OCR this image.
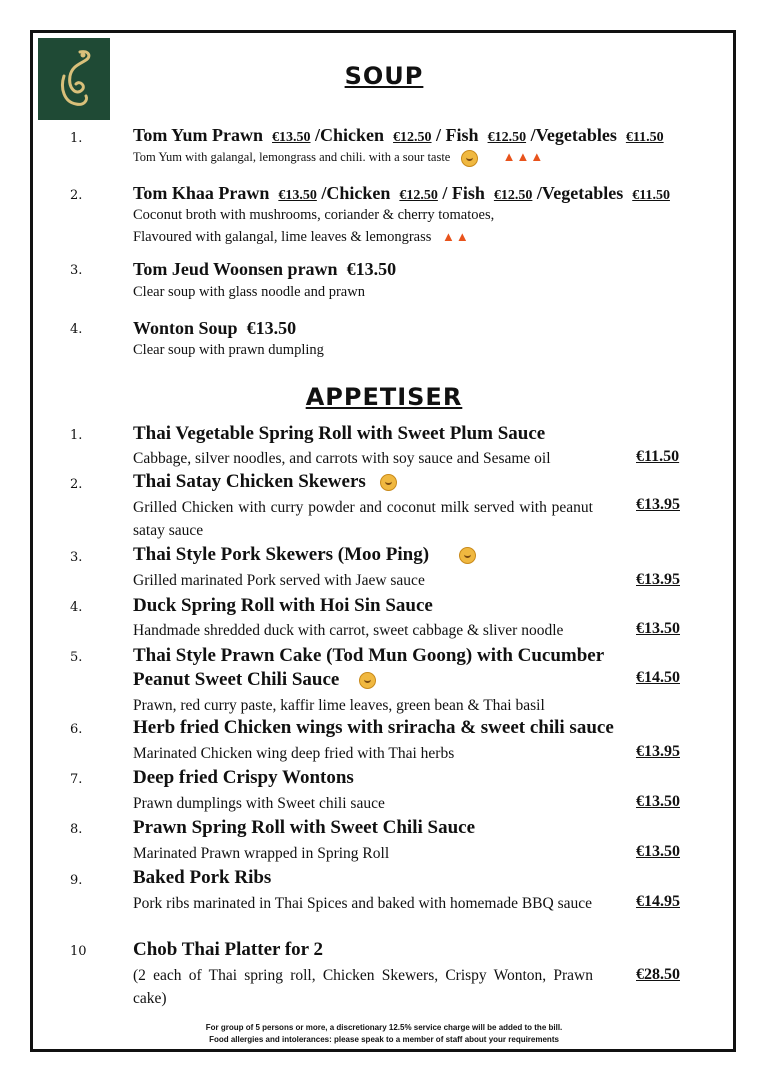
SOUP
1.	Tom Yum Prawn €13.50 /Chicken €12.50 / Fish €12.50 /Vegetables €11.50
Tom Yum with galangal, lemongrass and chili. with a sour taste	▲▲▲
2.	Tom Khaa Prawn €13.50 /Chicken €12.50 / Fish €12.50 /Vegetables €11.50
Coconut broth with mushrooms, coriander & cherry tomatoes,
Flavoured with galangal, lime leaves & lemongrass ▲▲
3.	Tom Jeud Woonsen prawn €13.50
Clear soup with glass noodle and prawn
4.	Wonton Soup €13.50
Clear soup with prawn dumpling
APPETISER
1.	Thai Vegetable Spring Roll with Sweet Plum Sauce
Cabbage, silver noodles, and carrots with soy sauce and Sesame oil	€11.50
2.	Thai Satay Chicken Skewers
Grilled Chicken with curry powder and coconut milk served with peanut satay sauce
€13.95
3.	Thai Style Pork Skewers (Moo Ping)
Grilled marinated Pork served with Jaew sauce	€13.95
4.	Duck Spring Roll with Hoi Sin Sauce
Handmade shredded duck with carrot, sweet cabbage & sliver noodle	€13.50
5.	Thai Style Prawn Cake (Tod Mun Goong) with Cucumber
Peanut Sweet Chili Sauce
Prawn, red curry paste, kaffir lime leaves, green bean & Thai basil
€14.50
6.	Herb fried Chicken wings with sriracha & sweet chili sauce
Marinated Chicken wing deep fried with Thai herbs	€13.95
7.	Deep fried Crispy Wontons
Prawn dumplings with Sweet chili sauce	€13.50
8.	Prawn Spring Roll with Sweet Chili Sauce
Marinated Prawn wrapped in Spring Roll	€13.50
9.	Baked Pork Ribs
Pork ribs marinated in Thai Spices and baked with homemade BBQ sauce	€14.95
10 Chob Thai Platter for 2
(2 each of Thai spring roll, Chicken Skewers, Crispy Wonton, Prawn cake)
€28.50
For group of 5 persons or more, a discretionary 12.5% service charge will be added to the bill.
Food allergies and intolerances: please speak to a member of staff about your requirements
